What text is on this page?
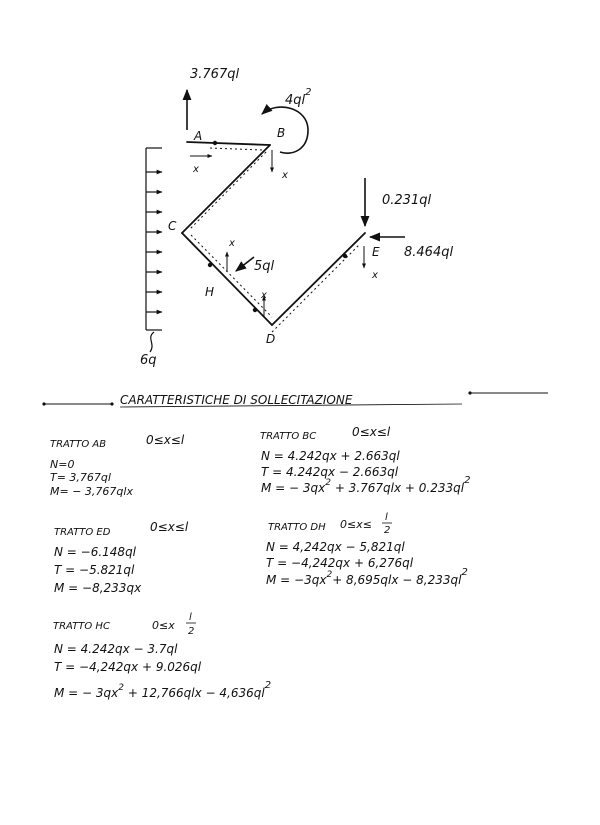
3.767ql
$4ql^2$
x
x
x
x
x
5ql
0.231ql
8.464ql
6q
A	B
C
H
D
E
CARATTERISTICHE DI SOLLECITAZIONE
TRATTO AB	0≤x≤l
N=0
T= 3,767ql
M= − 3,767qlx
TRATTO BC	0≤x≤l
N = 4.242qx + 2.663ql
T = 4.242qx − 2.663ql
M = − $3qx^2 + 3.767qlx + 0.233ql^2$
TRATTO ED	0≤x≤l
N = −6.148ql
T = −5.821ql
M = −8,233qx
TRATTO DH 0≤x≤
l
2
N = 4,242qx − 5,821ql
T = −4,242qx + 6,276ql
$M = -3qx^2+ 8,695qlx - 8,233ql^2$
TRATTO HC	0≤x
l
2
N = 4.242qx − 3.7ql
T = −4,242qx + 9.026ql
M = − $3qx^2 + 12,766qlx - 4,636ql^2$
